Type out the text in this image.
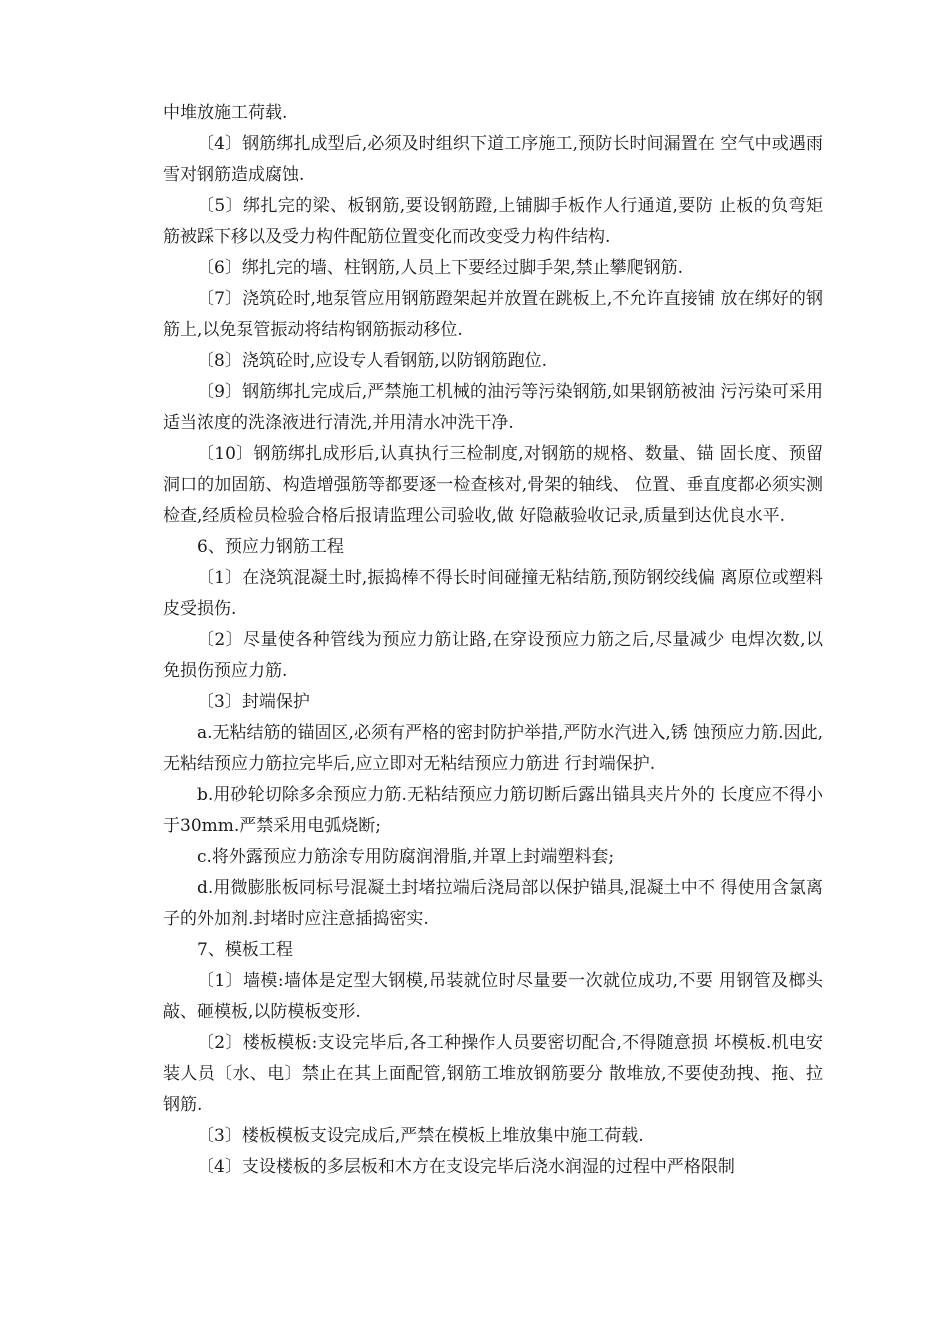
中堆放施工荷载.

〔4〕钢筋绑扎成型后,必须及时组织下道工序施工,预防长时间漏置在 空气中或遇雨雪对钢筋造成腐蚀.

〔5〕绑扎完的梁、板钢筋,要设钢筋蹬,上铺脚手板作人行通道,要防 止板的负弯矩筋被踩下移以及受力构件配筋位置变化而改变受力构件结构.

〔6〕绑扎完的墙、柱钢筋,人员上下要经过脚手架,禁止攀爬钢筋.

〔7〕浇筑砼时,地泵管应用钢筋蹬架起并放置在跳板上,不允许直接铺 放在绑好的钢筋上,以免泵管振动将结构钢筋振动移位.

〔8〕浇筑砼时,应设专人看钢筋,以防钢筋跑位.

〔9〕钢筋绑扎完成后,严禁施工机械的油污等污染钢筋,如果钢筋被油 污污染可采用适当浓度的洗涤液进行清洗,并用清水冲洗干净.

〔10〕钢筋绑扎成形后,认真执行三检制度,对钢筋的规格、数量、锚 固长度、预留洞口的加固筋、构造增强筋等都要逐一检查核对,骨架的轴线、 位置、垂直度都必须实测检查,经质检员检验合格后报请监理公司验收,做 好隐蔽验收记录,质量到达优良水平.

6、预应力钢筋工程

〔1〕在浇筑混凝土时,振捣棒不得长时间碰撞无粘结筋,预防钢绞线偏 离原位或塑料皮受损伤.

〔2〕尽量使各种管线为预应力筋让路,在穿设预应力筋之后,尽量减少 电焊次数,以免损伤预应力筋.

〔3〕封端保护

a.无粘结筋的锚固区,必须有严格的密封防护举措,严防水汽进入,锈 蚀预应力筋.因此,无粘结预应力筋拉完毕后,应立即对无粘结预应力筋进 行封端保护.

b.用砂轮切除多余预应力筋.无粘结预应力筋切断后露出锚具夹片外的 长度应不得小于30mm.严禁采用电弧烧断;

c.将外露预应力筋涂专用防腐润滑脂,并罩上封端塑料套;

d.用微膨胀板同标号混凝土封堵拉端后浇局部以保护锚具,混凝土中不 得使用含氯离子的外加剂.封堵时应注意插捣密实.

7、模板工程

〔1〕墙模:墙体是定型大钢模,吊装就位时尽量要一次就位成功,不要 用钢管及榔头敲、砸模板,以防模板变形.

〔2〕楼板模板:支设完毕后,各工种操作人员要密切配合,不得随意损 坏模板.机电安装人员〔水、电〕禁止在其上面配管,钢筋工堆放钢筋要分 散堆放,不要使劲拽、拖、拉钢筋.

〔3〕楼板模板支设完成后,严禁在模板上堆放集中施工荷载.

〔4〕支设楼板的多层板和木方在支设完毕后浇水润湿的过程中严格限制
